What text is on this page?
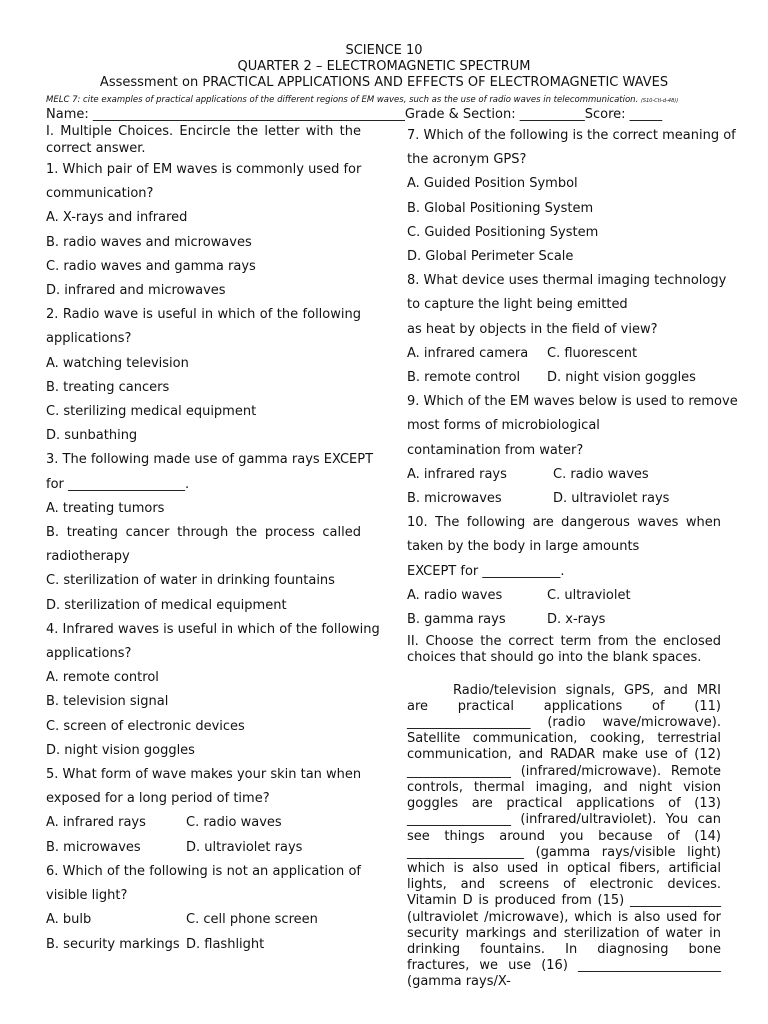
SCIENCE 10
QUARTER 2 – ELECTROMAGNETIC SPECTRUM
Assessment on PRACTICAL APPLICATIONS AND EFFECTS OF ELECTROMAGNETIC WAVES
MELC 7: cite examples of practical applications of the different regions of EM waves, such as the use of radio waves in telecommunication. (S10-Ctl-d-48))
Name: ________________________________________________Grade & Section: __________Score: _____
I. Multiple Choices. Encircle the letter with the
correct answer.
1. Which pair of EM waves is commonly used for
communication?
A. X-rays and infrared
B. radio waves and microwaves
C. radio waves and gamma rays
D. infrared and microwaves
2. Radio wave is useful in which of the following
applications?
A. watching television
B. treating cancers
C. sterilizing medical equipment
D. sunbathing
3. The following made use of gamma rays EXCEPT
for __________________.
A. treating tumors
B. treating cancer through the process called
radiotherapy
C. sterilization of water in drinking fountains
D. sterilization of medical equipment
4. Infrared waves is useful in which of the following
applications?
A. remote control
B. television signal
C. screen of electronic devices
D. night vision goggles
5. What form of wave makes your skin tan when
exposed for a long period of time?
A. infrared rays	C. radio waves
B. microwaves	D. ultraviolet rays
6. Which of the following is not an application of
visible light?
A. bulb	C. cell phone screen
B. security markings D. flashlight
7. Which of the following is the correct meaning of
the acronym GPS?
A. Guided Position Symbol
B. Global Positioning System
C. Guided Positioning System
D. Global Perimeter Scale
8. What device uses thermal imaging technology
to capture the light being emitted
as heat by objects in the field of view?
A. infrared camera	C. fluorescent
B. remote control	D. night vision goggles
9. Which of the EM waves below is used to remove
most forms of microbiological
contamination from water?
A. infrared rays	C. radio waves
B. microwaves	D. ultraviolet rays
10. The following are dangerous waves when
taken by the body in large amounts
EXCEPT for ____________.
A. radio waves	C. ultraviolet
B. gamma rays	D. x-rays
II. Choose the correct term from the enclosed choices that should go into the blank spaces.
Radio/television signals, GPS, and MRI are practical applications of (11) ___________________ (radio wave/microwave). Satellite communication, cooking, terrestrial communication, and RADAR make use of (12) ________________ (infrared/microwave). Remote controls, thermal imaging, and night vision goggles are practical applications of (13) ________________ (infrared/ultraviolet). You can see things around you because of (14) __________________ (gamma rays/visible light) which is also used in optical fibers, artificial lights, and screens of electronic devices. Vitamin D is produced from (15) ______________ (ultraviolet /microwave), which is also used for security markings and sterilization of water in drinking fountains. In diagnosing bone fractures, we use (16) ______________________ (gamma rays/X-
